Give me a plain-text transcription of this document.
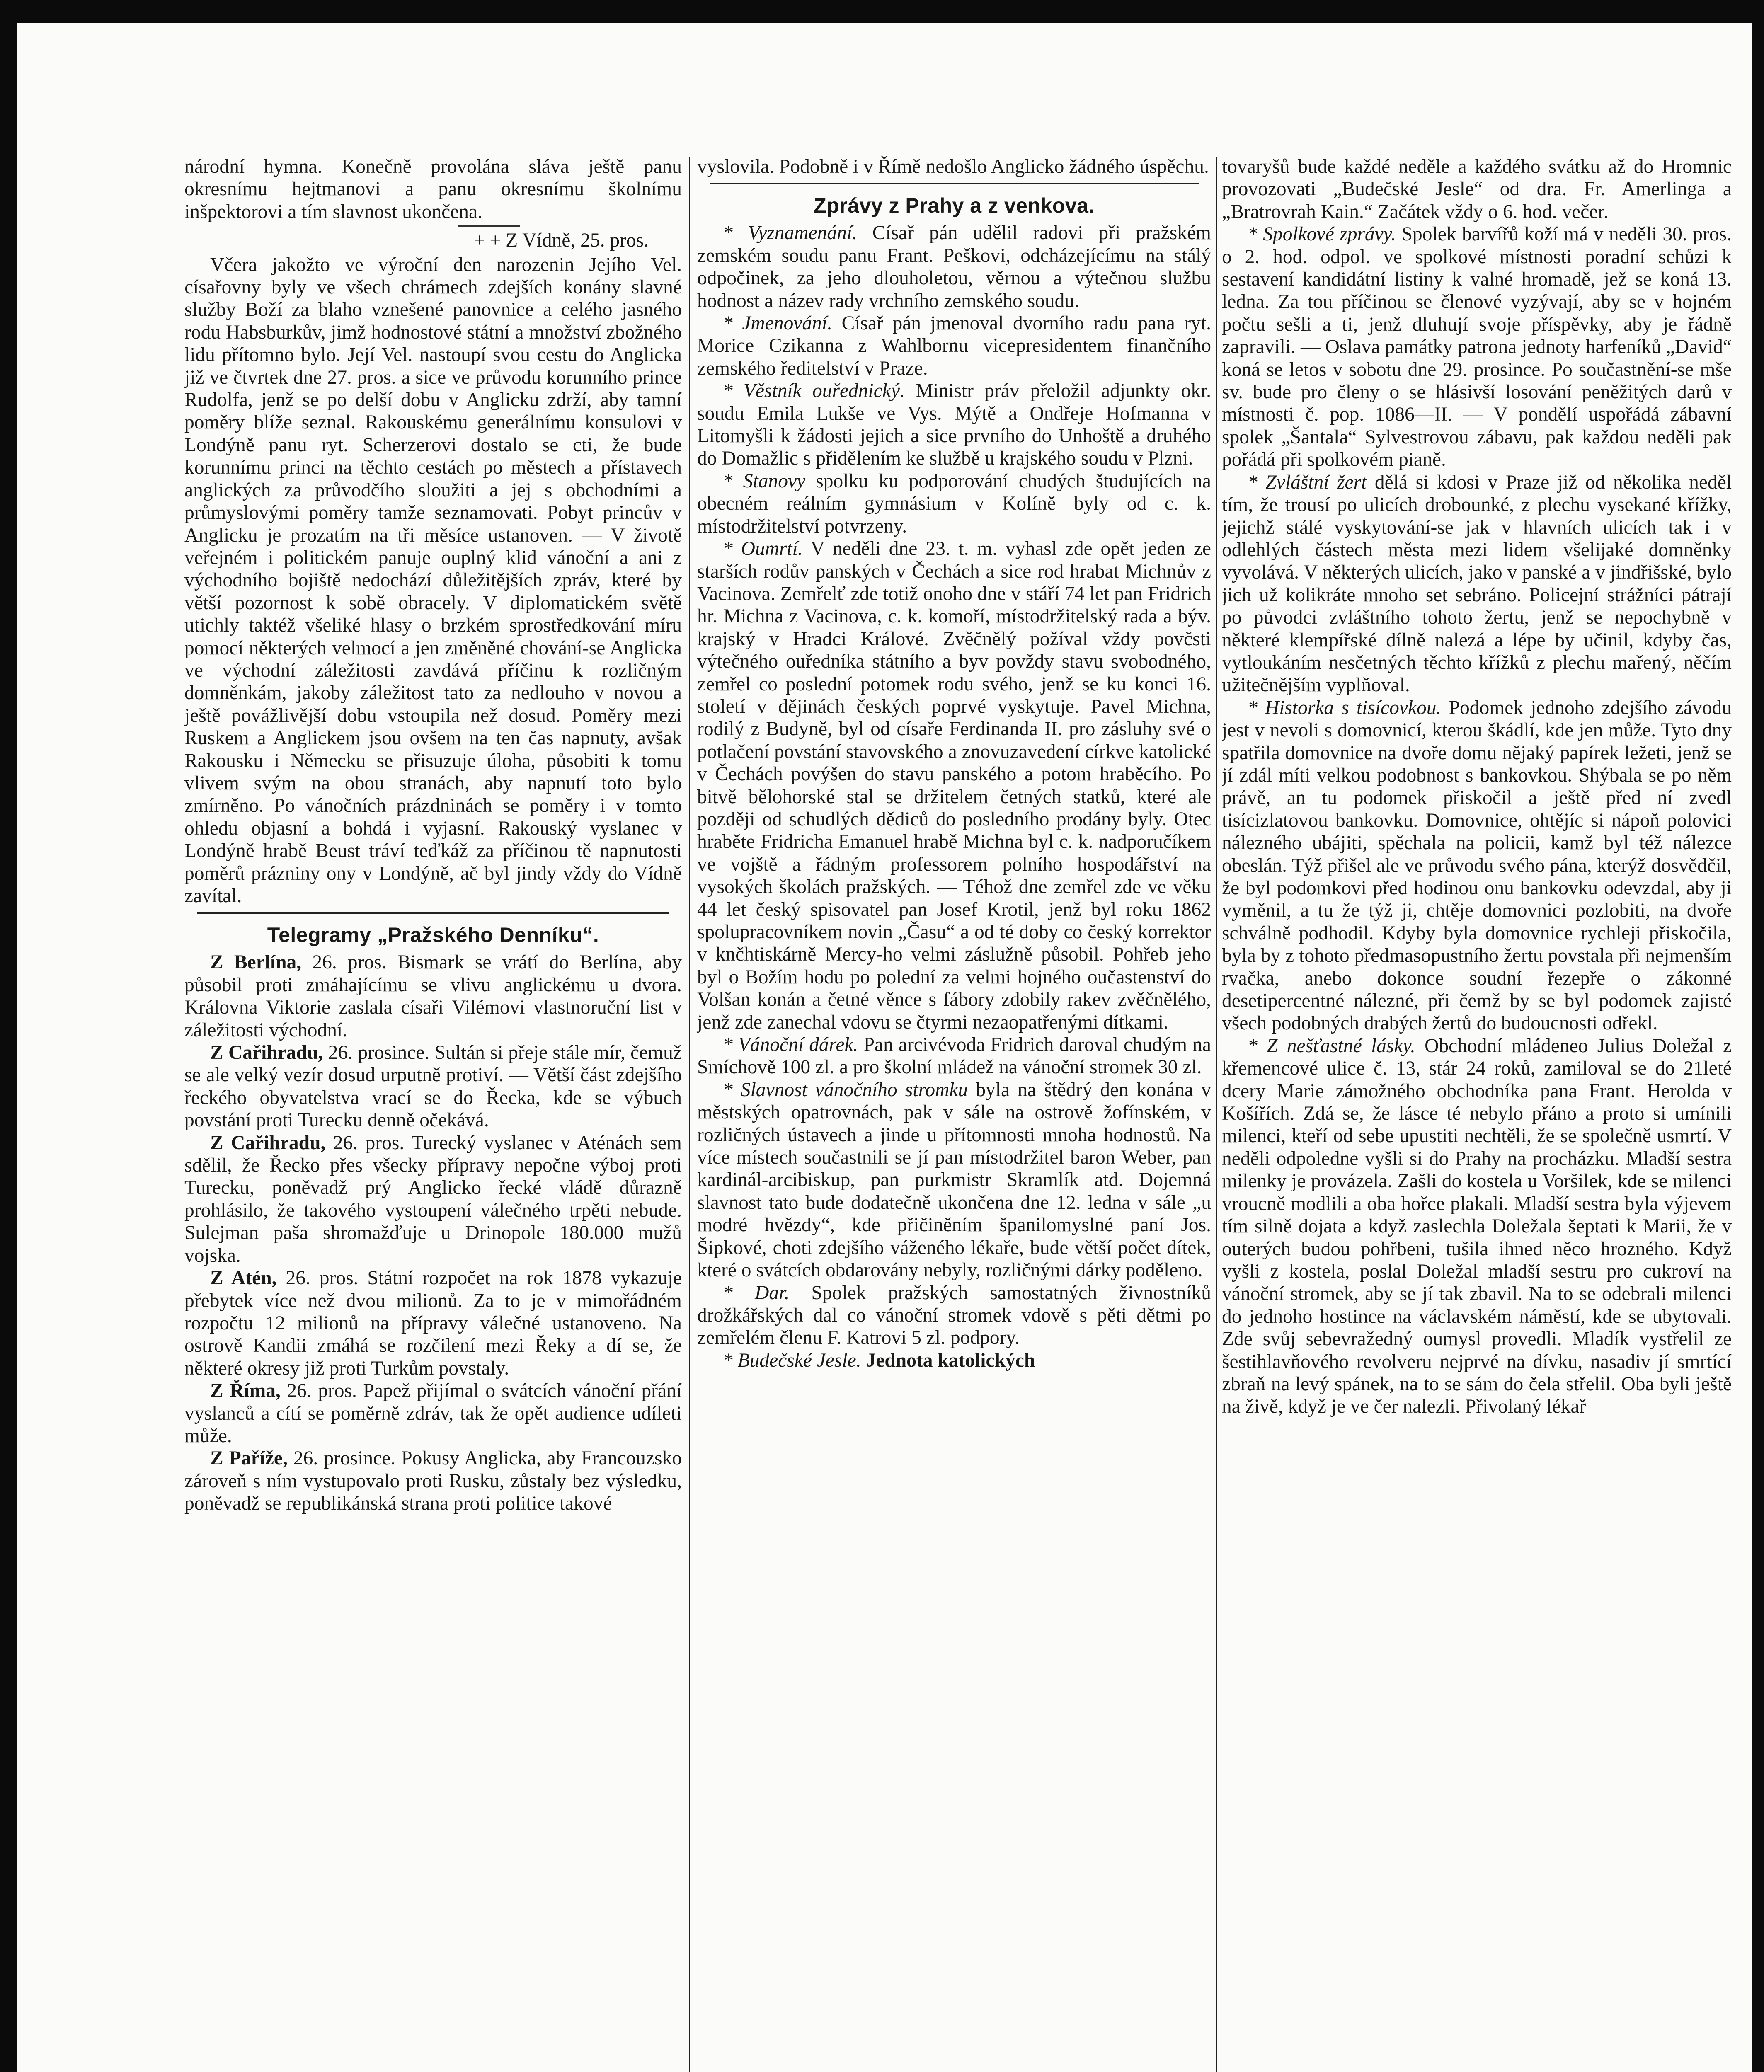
národní hymna. Konečně provolána sláva ještě panu okresnímu hejtmanovi a panu okresnímu školnímu inšpektorovi a tím slavnost ukončena.

+ + Z Vídně, 25. pros.

Včera jakožto ve výroční den narozenin Jejího Vel. císařovny byly ve všech chrámech zdejších konány slavné služby Boží za blaho vznešené panovnice a celého jasného rodu Habsburkův, jimž hodnostové státní a množství zbožného lidu přítomno bylo. Její Vel. nastoupí svou cestu do Anglicka již ve čtvrtek dne 27. pros. a sice ve průvodu korunního prince Rudolfa, jenž se po delší dobu v Anglicku zdrží, aby tamní poměry blíže seznal. Rakouskému generálnímu konsulovi v Londýně panu ryt. Scherzerovi dostalo se cti, že bude korunnímu princi na těchto cestách po městech a přístavech anglických za průvodčího sloužiti a jej s obchodními a průmyslovými poměry tamže seznamovati. Pobyt princův v Anglicku je prozatím na tři měsíce ustanoven. — V životě veřejném i politickém panuje ouplný klid vánoční a ani z východního bojiště nedochází důležitějších zpráv, které by větší pozornost k sobě obracely. V diplomatickém světě utichly taktéž všeliké hlasy o brzkém sprostředkování míru pomocí některých velmocí a jen změněné chování-se Anglicka ve východní záležitosti zavdává příčinu k rozličným domněnkám, jakoby záležitost tato za nedlouho v novou a ještě povážlivější dobu vstoupila než dosud. Poměry mezi Ruskem a Anglickem jsou ovšem na ten čas napnuty, avšak Rakousku i Německu se přisuzuje úloha, působiti k tomu vlivem svým na obou stranách, aby napnutí toto bylo zmírněno. Po vánočních prázdninách se poměry i v tomto ohledu objasní a bohdá i vyjasní. Rakouský vyslanec v Londýně hrabě Beust tráví teďkáž za příčinou tě napnutosti poměrů prázniny ony v Londýně, ač byl jindy vždy do Vídně zavítal.

Telegramy „Pražského Denníku“.

Z Berlína, 26. pros. Bismark se vrátí do Berlína, aby působil proti zmáhajícímu se vlivu anglickému u dvora. Královna Viktorie zaslala císaři Vilémovi vlastnoruční list v záležitosti východní.

Z Cařihradu, 26. prosince. Sultán si přeje stále mír, čemuž se ale velký vezír dosud urputně protiví. — Větší část zdejšího řeckého obyvatelstva vrací se do Řecka, kde se výbuch povstání proti Turecku denně očekává.

Z Cařihradu, 26. pros. Turecký vyslanec v Aténách sem sdělil, že Řecko přes všecky přípravy nepočne výboj proti Turecku, poněvadž prý Anglicko řecké vládě důrazně prohlásilo, že takového vystoupení válečného trpěti nebude. Sulejman paša shromažďuje u Drinopole 180.000 mužů vojska.

Z Atén, 26. pros. Státní rozpočet na rok 1878 vykazuje přebytek více než dvou milionů. Za to je v mimořádném rozpočtu 12 milionů na přípravy válečné ustanoveno. Na ostrově Kandii zmáhá se rozčilení mezi Řeky a dí se, že některé okresy již proti Turkům povstaly.

Z Říma, 26. pros. Papež přijímal o svátcích vánoční přání vyslanců a cítí se poměrně zdráv, tak že opět audience udíleti může.

Z Paříže, 26. prosince. Pokusy Anglicka, aby Francouzsko zároveň s ním vystupovalo proti Rusku, zůstaly bez výsledku, poněvadž se republikánská strana proti politice takové

vyslovila. Podobně i v Římě nedošlo Anglicko žádného úspěchu.

Zprávy z Prahy a z venkova.

* Vyznamenání. Císař pán udělil radovi při pražském zemském soudu panu Frant. Peškovi, odcházejícímu na stálý odpočinek, za jeho dlouholetou, věrnou a výtečnou službu hodnost a název rady vrchního zemského soudu.

* Jmenování. Císař pán jmenoval dvorního radu pana ryt. Morice Czikanna z Wahlbornu vicepresidentem finančního zemského ředitelství v Praze.

* Věstník ouřednický. Ministr práv přeložil adjunkty okr. soudu Emila Lukše ve Vys. Mýtě a Ondřeje Hofmanna v Litomyšli k žádosti jejich a sice prvního do Unhoště a druhého do Domažlic s přidělením ke službě u krajského soudu v Plzni.

* Stanovy spolku ku podporování chudých študujících na obecném reálním gymnásium v Kolíně byly od c. k. místodržitelství potvrzeny.

* Oumrtí. V neděli dne 23. t. m. vyhasl zde opět jeden ze starších rodův panských v Čechách a sice rod hrabat Michnův z Vacinova. Zemřelť zde totiž onoho dne v stáří 74 let pan Fridrich hr. Michna z Vacinova, c. k. komoří, místodržitelský rada a býv. krajský v Hradci Králové. Zvěčnělý požíval vždy povčsti výtečného ouředníka státního a byv povždy stavu svobodného, zemřel co poslední potomek rodu svého, jenž se ku konci 16. století v dějinách českých poprvé vyskytuje. Pavel Michna, rodilý z Budyně, byl od císaře Ferdinanda II. pro zásluhy své o potlačení povstání stavovského a znovuzavedení církve katolické v Čechách povýšen do stavu panského a potom hraběcího. Po bitvě bělohorské stal se držitelem četných statků, které ale později od schudlých dědiců do posledního prodány byly. Otec hraběte Fridricha Emanuel hrabě Michna byl c. k. nadporučíkem ve vojště a řádným professorem polního hospodářství na vysokých školách pražských. — Téhož dne zemřel zde ve věku 44 let český spisovatel pan Josef Krotil, jenž byl roku 1862 spolupracovníkem novin „Času“ a od té doby co český korrektor v knčhtiskárně Mercy-ho velmi záslužně působil. Pohřeb jeho byl o Božím hodu po polední za velmi hojného oučastenství do Volšan konán a četné věnce s fábory zdobily rakev zvěčnělého, jenž zde zanechal vdovu se čtyrmi nezaopatřenými dítkami.

* Vánoční dárek. Pan arcivévoda Fridrich daroval chudým na Smíchově 100 zl. a pro školní mládež na vánoční stromek 30 zl.

* Slavnost vánočního stromku byla na štědrý den konána v městských opatrovnách, pak v sále na ostrově žofínském, v rozličných ústavech a jinde u přítomnosti mnoha hodnostů. Na více místech součastnili se jí pan místodržitel baron Weber, pan kardinál-arcibiskup, pan purkmistr Skramlík atd. Dojemná slavnost tato bude dodatečně ukončena dne 12. ledna v sále „u modré hvězdy“, kde přičiněním španilomyslné paní Jos. Šipkové, choti zdejšího váženého lékaře, bude větší počet dítek, které o svátcích obdarovány nebyly, rozličnými dárky poděleno.

* Dar. Spolek pražských samostatných živnostníků drožkářských dal co vánoční stromek vdově s pěti dětmi po zemřelém členu F. Katrovi 5 zl. podpory.

* Budečské Jesle. Jednota katolických

tovaryšů bude každé neděle a každého svátku až do Hromnic provozovati „Budečské Jesle“ od dra. Fr. Amerlinga a „Bratrovrah Kain.“ Začátek vždy o 6. hod. večer.

* Spolkové zprávy. Spolek barvířů koží má v neděli 30. pros. o 2. hod. odpol. ve spolkové místnosti poradní schůzi k sestavení kandidátní listiny k valné hromadě, jež se koná 13. ledna. Za tou příčinou se členové vyzývají, aby se v hojném počtu sešli a ti, jenž dluhují svoje příspěvky, aby je řádně zapravili. — Oslava památky patrona jednoty harfeníků „David“ koná se letos v sobotu dne 29. prosince. Po součastnění-se mše sv. bude pro členy o se hlásivší losování peněžitých darů v místnosti č. pop. 1086—II. — V pondělí uspořádá zábavní spolek „Šantala“ Sylvestrovou zábavu, pak každou neděli pak pořádá při spolkovém pianě.

* Zvláštní žert dělá si kdosi v Praze již od několika neděl tím, že trousí po ulicích drobounké, z plechu vysekané křížky, jejichž stálé vyskytování-se jak v hlavních ulicích tak i v odlehlých částech města mezi lidem všelijaké domněnky vyvolává. V některých ulicích, jako v panské a v jindřišské, bylo jich už kolikráte mnoho set sebráno. Policejní strážníci pátrají po původci zvláštního tohoto žertu, jenž se nepochybně v některé klempířské dílně nalezá a lépe by učinil, kdyby čas, vytloukáním nesčetných těchto křížků z plechu mařený, něčím užitečnějším vyplňoval.

* Historka s tisícovkou. Podomek jednoho zdejšího závodu jest v nevoli s domovnicí, kterou škádlí, kde jen může. Tyto dny spatřila domovnice na dvoře domu nějaký papírek ležeti, jenž se jí zdál míti velkou podobnost s bankovkou. Shýbala se po něm právě, an tu podomek přiskočil a ještě před ní zvedl tisícizlatovou bankovku. Domovnice, ohtějíc si nápoň polovici nálezného ubájiti, spěchala na policii, kamž byl též nálezce obeslán. Týž přišel ale ve průvodu svého pána, kterýž dosvědčil, že byl podomkovi před hodinou onu bankovku odevzdal, aby ji vyměnil, a tu že týž ji, chtěje domovnici pozlobiti, na dvoře schválně podhodil. Kdyby byla domovnice rychleji přiskočila, byla by z tohoto předmasopustního žertu povstala při nejmenším rvačka, anebo dokonce soudní řezepře o zákonné desetipercentné nálezné, při čemž by se byl podomek zajisté všech podobných drabých žertů do budoucnosti odřekl.

* Z nešťastné lásky. Obchodní mládeneo Julius Doležal z křemencové ulice č. 13, stár 24 roků, zamiloval se do 21leté dcery Marie zámožného obchodníka pana Frant. Herolda v Košířích. Zdá se, že lásce té nebylo přáno a proto si umínili milenci, kteří od sebe upustiti nechtěli, že se společně usmrtí. V neděli odpoledne vyšli si do Prahy na procházku. Mladší sestra milenky je provázela. Zašli do kostela u Voršilek, kde se milenci vroucně modlili a oba hořce plakali. Mladší sestra byla výjevem tím silně dojata a když zaslechla Doležala šeptati k Marii, že v outerých budou pohřbeni, tušila ihned něco hrozného. Když vyšli z kostela, poslal Doležal mladší sestru pro cukroví na vánoční stromek, aby se jí tak zbavil. Na to se odebrali milenci do jednoho hostince na václavském náměstí, kde se ubytovali. Zde svůj sebevražedný oumysl provedli. Mladík vystřelil ze šestihlavňového revolveru nejprvé na dívku, nasadiv jí smrtící zbraň na levý spánek, na to se sám do čela střelil. Oba byli ještě na živě, když je ve čer nalezli. Přivolaný lékař
